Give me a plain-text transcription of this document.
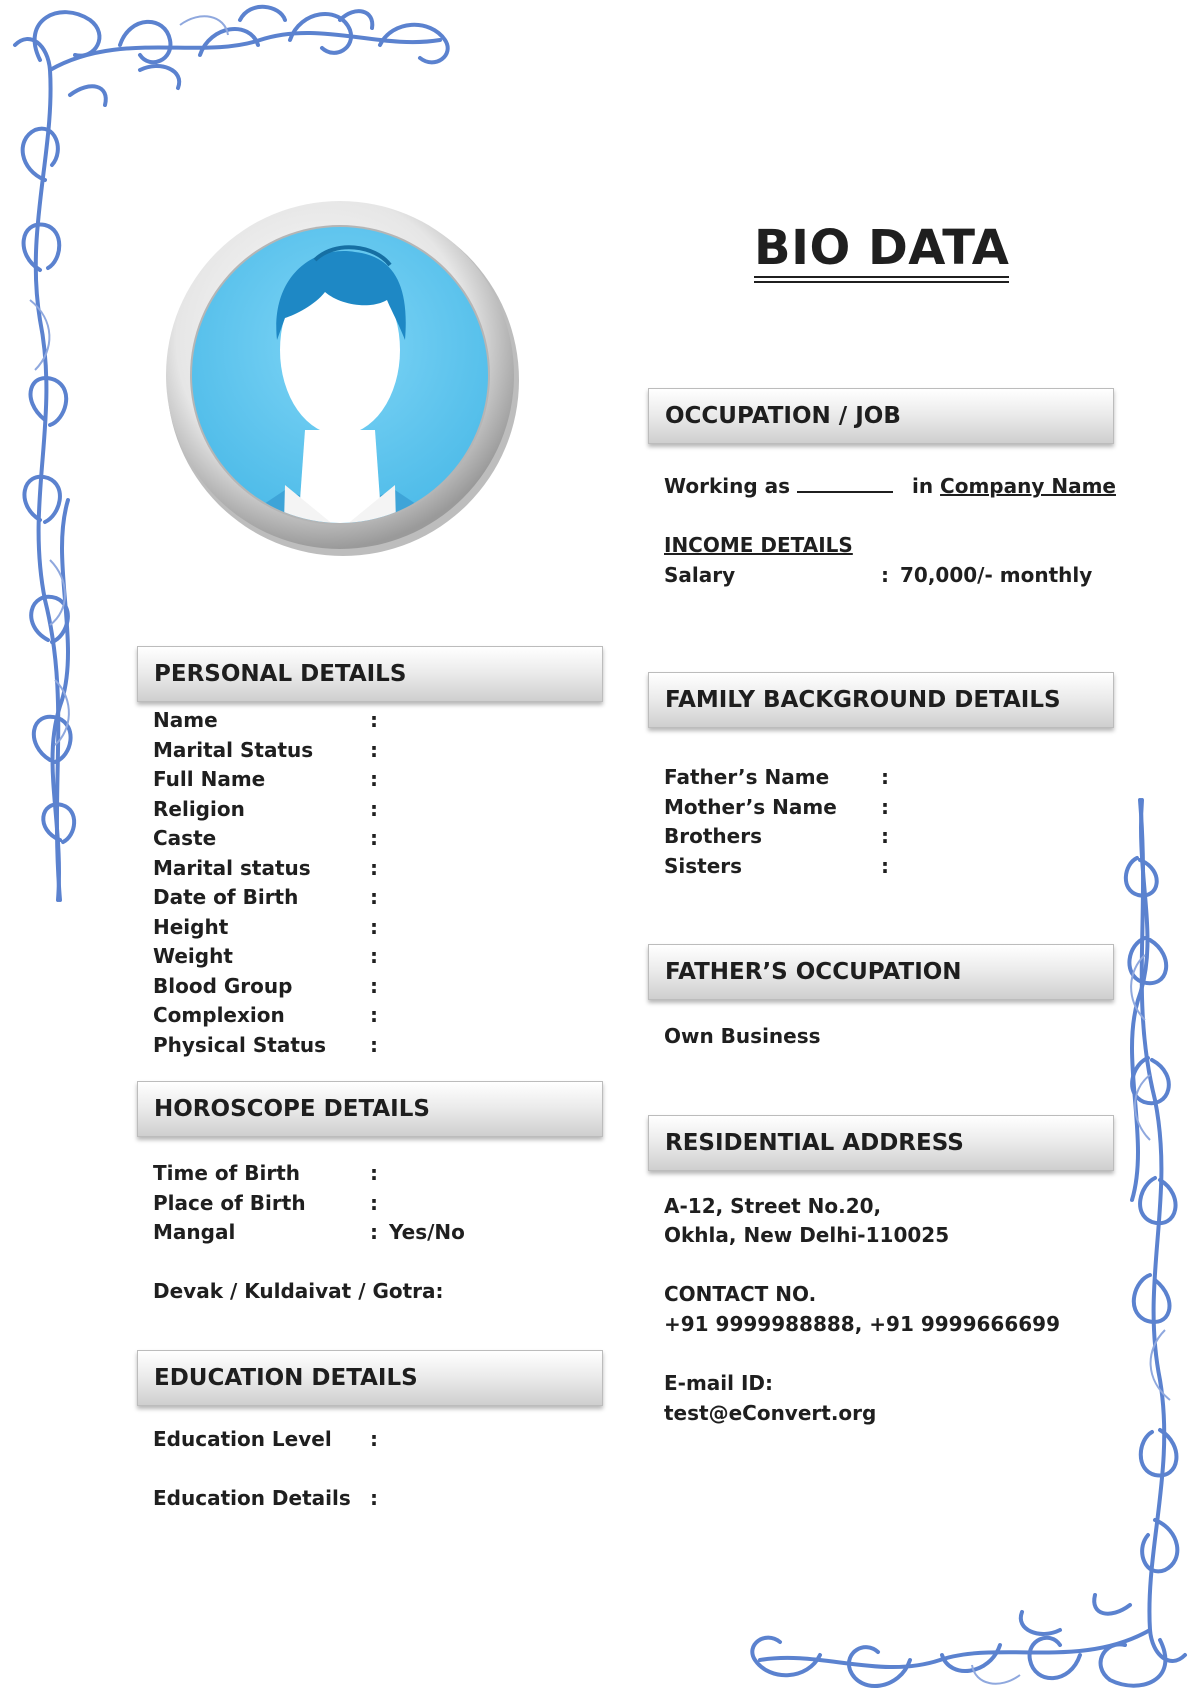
BIO DATA
OCCUPATION / JOB
Working as	in Company Name
INCOME DETAILS
Salary	: 70,000/- monthly
PERSONAL DETAILS
Name	:
Marital Status	:
Full Name	:
Religion	:
Caste	:
Marital status	:
Date of Birth	:
Height	:
Weight	:
Blood Group	:
Complexion	:
Physical Status :
FAMILY BACKGROUND DETAILS
Father’s Name	:
Mother’s Name :
Brothers	:
Sisters	:
FATHER’S OCCUPATION
Own Business
HOROSCOPE DETAILS
Time of Birth	:
Place of Birth	:
Mangal	: Yes/No
Devak / Kuldaivat / Gotra:
RESIDENTIAL ADDRESS
A-12, Street No.20,
Okhla, New Delhi-110025
CONTACT NO.
+91 9999988888, +91 9999666699
E-mail ID:
test@eConvert.org
EDUCATION DETAILS
Education Level :
Education Details :
